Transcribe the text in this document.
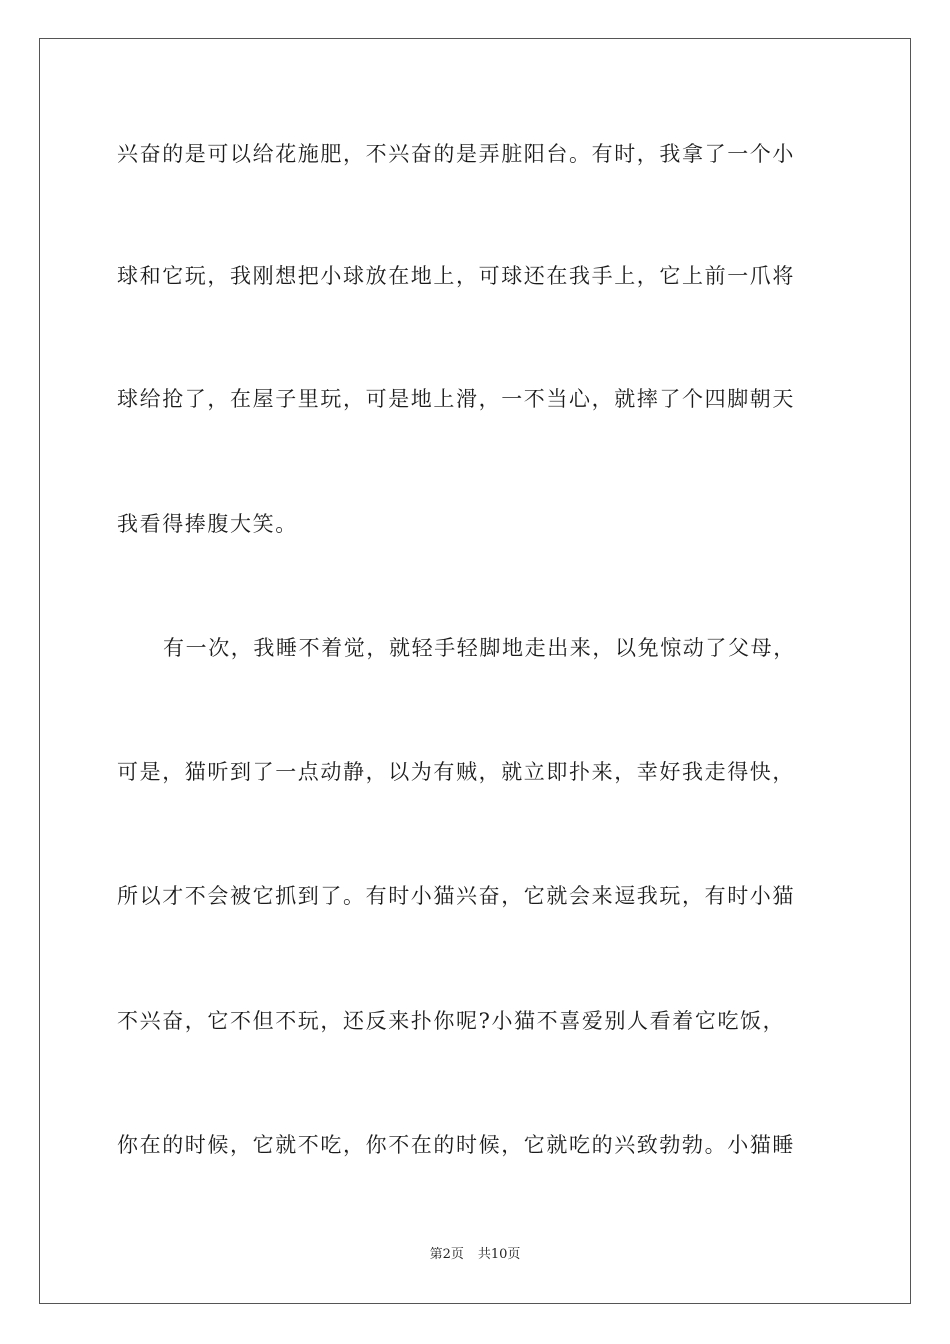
兴奋的是可以给花施肥，不兴奋的是弄脏阳台。有时，我拿了一个小
球和它玩，我刚想把小球放在地上，可球还在我手上，它上前一爪将
球给抢了，在屋子里玩，可是地上滑，一不当心，就摔了个四脚朝天
我看得捧腹大笑。
有一次，我睡不着觉，就轻手轻脚地走出来，以免惊动了父母，
可是，猫听到了一点动静，以为有贼，就立即扑来，幸好我走得快，
所以才不会被它抓到了。有时小猫兴奋，它就会来逗我玩，有时小猫
不兴奋，它不但不玩，还反来扑你呢?小猫不喜爱别人看着它吃饭，
你在的时候，它就不吃，你不在的时候，它就吃的兴致勃勃。小猫睡
第2页 共10页
